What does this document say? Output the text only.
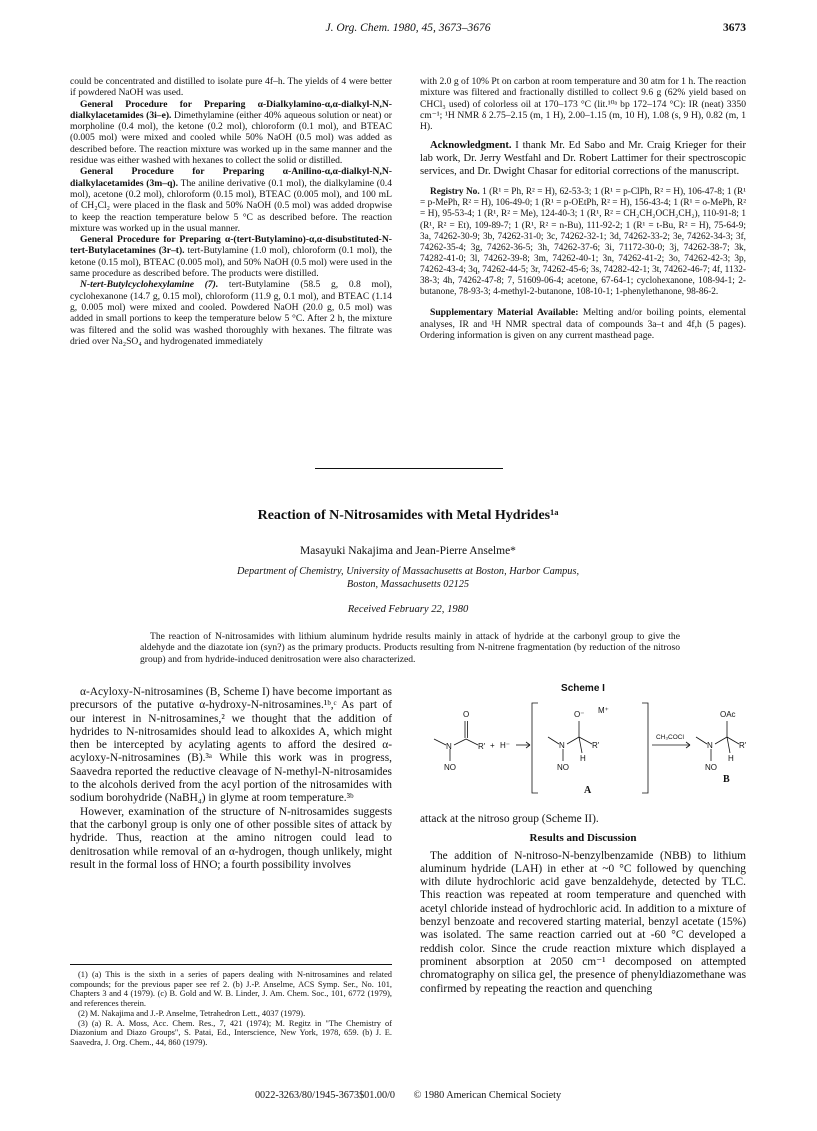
J. Org. Chem. 1980, 45, 3673–3676	3673

could be concentrated and distilled to isolate pure 4f–h. The yields of 4 were better if powdered NaOH was used.

General Procedure for Preparing α-Dialkylamino-α,α-dialkyl-N,N-dialkylacetamides (3i–e). Dimethylamine (either 40% aqueous solution or neat) or morpholine (0.4 mol), the ketone (0.2 mol), chloroform (0.1 mol), and BTEAC (0.005 mol) were mixed and cooled while 50% NaOH (0.5 mol) was added as described before. The reaction mixture was worked up in the same manner and the residue was either washed with hexanes to collect the solid or distilled.

General Procedure for Preparing α-Anilino-α,α-dialkyl-N,N-dialkylacetamides (3m–q). The aniline derivative (0.1 mol), the dialkylamine (0.4 mol), acetone (0.2 mol), chloroform (0.15 mol), BTEAC (0.005 mol), and 100 mL of CH₂Cl₂ were placed in the flask and 50% NaOH (0.5 mol) was added dropwise to keep the reaction temperature below 5 °C as described before. The reaction mixture was worked up in the usual manner.

General Procedure for Preparing α-(tert-Butylamino)-α,α-disubstituted-N-tert-Butylacetamines (3r–t). tert-Butylamine (1.0 mol), chloroform (0.1 mol), the ketone (0.15 mol), BTEAC (0.005 mol), and 50% NaOH (0.5 mol) were used in the same procedure as described before. The products were distilled.

N-tert-Butylcyclohexylamine (7). tert-Butylamine (58.5 g, 0.8 mol), cyclohexanone (14.7 g, 0.15 mol), chloroform (11.9 g, 0.1 mol), and BTEAC (1.14 g, 0.005 mol) were mixed and cooled. Powdered NaOH (20.0 g, 0.5 mol) was added in small portions to keep the temperature below 5 °C. After 2 h, the mixture was filtered and the solid was washed thoroughly with hexanes. The filtrate was dried over Na₂SO₄ and hydrogenated immediately

with 2.0 g of 10% Pt on carbon at room temperature and 30 atm for 1 h. The reaction mixture was filtered and fractionally distilled to collect 9.6 g (62% yield based on CHCl₃ used) of colorless oil at 170–173 °C (lit.¹⁰ᵃ bp 172–174 °C): IR (neat) 3350 cm⁻¹; ¹H NMR δ 2.75–2.15 (m, 1 H), 2.00–1.15 (m, 10 H), 1.08 (s, 9 H), 0.82 (m, 1 H).

Acknowledgment. I thank Mr. Ed Sabo and Mr. Craig Krieger for their lab work, Dr. Jerry Westfahl and Dr. Robert Lattimer for their spectroscopic services, and Dr. Dwight Chasar for editorial corrections of the manuscript.

Registry No. 1 (R¹ = Ph, R² = H), 62-53-3; 1 (R¹ = p-ClPh, R² = H), 106-47-8; 1 (R¹ = p-MePh, R² = H), 106-49-0; 1 (R¹ = p-OEtPh, R² = H), 156-43-4; 1 (R¹ = o-MePh, R² = H), 95-53-4; 1 (R¹, R² = Me), 124-40-3; 1 (R¹, R² = CH₂CH₂OCH₂CH₂), 110-91-8; 1 (R¹, R² = Et), 109-89-7; 1 (R¹, R² = n-Bu), 111-92-2; 1 (R¹ = t-Bu, R² = H), 75-64-9; 3a, 74262-30-9; 3b, 74262-31-0; 3c, 74262-32-1; 3d, 74262-33-2; 3e, 74262-34-3; 3f, 74262-35-4; 3g, 74262-36-5; 3h, 74262-37-6; 3i, 71172-30-0; 3j, 74262-38-7; 3k, 74282-41-0; 3l, 74262-39-8; 3m, 74262-40-1; 3n, 74262-41-2; 3o, 74262-42-3; 3p, 74262-43-4; 3q, 74262-44-5; 3r, 74262-45-6; 3s, 74282-42-1; 3t, 74262-46-7; 4f, 1132-38-3; 4h, 74262-47-8; 7, 51609-06-4; acetone, 67-64-1; cyclohexanone, 108-94-1; 2-butanone, 78-93-3; 4-methyl-2-butanone, 108-10-1; 1-phenylethanone, 98-86-2.

Supplementary Material Available: Melting and/or boiling points, elemental analyses, IR and ¹H NMR spectral data of compounds 3a–t and 4f,h (5 pages). Ordering information is given on any current masthead page.

Reaction of N-Nitrosamides with Metal Hydrides¹ᵃ
Masayuki Nakajima and Jean-Pierre Anselme*
Department of Chemistry, University of Massachusetts at Boston, Harbor Campus,
Boston, Massachusetts 02125
Received February 22, 1980
The reaction of N-nitrosamides with lithium aluminum hydride results mainly in attack of hydride at the carbonyl group to give the aldehyde and the diazotate ion (syn?) as the primary products. Products resulting from N-nitrene fragmentation (by reduction of the nitroso group) and from hydride-induced denitrosation were also characterized.

α-Acyloxy-N-nitrosamines (B, Scheme I) have become important as precursors of the putative α-hydroxy-N-nitrosamines.¹ᵇ,ᶜ As part of our interest in N-nitrosamines,² we thought that the addition of hydrides to N-nitrosamides should lead to alkoxides A, which might then be intercepted by acylating agents to afford the desired α-acyloxy-N-nitrosamines (B).³ᵃ While this work was in progress, Saavedra reported the reductive cleavage of N-methyl-N-nitrosamides to the alcohols derived from the acyl portion of the nitrosamides with sodium borohydride (NaBH₄) in glyme at room temperature.³ᵇ

However, examination of the structure of N-nitrosamides suggests that the carbonyl group is only one of other possible sites of attack by hydride. Thus, reaction at the amino nitrogen could lead to denitrosation while removal of an α-hydrogen, though unlikely, might result in the formal loss of HNO; a fourth possibility involves

(1) (a) This is the sixth in a series of papers dealing with N-nitrosamines and related compounds; for the previous paper see ref 2. (b) J.-P. Anselme, ACS Symp. Ser., No. 101, Chapters 3 and 4 (1979). (c) B. Gold and W. B. Linder, J. Am. Chem. Soc., 101, 6772 (1979), and references therein.

(2) M. Nakajima and J.-P. Anselme, Tetrahedron Lett., 4037 (1979).

(3) (a) R. A. Moss, Acc. Chem. Res., 7, 421 (1974); M. Regitz in "The Chemistry of Diazonium and Diazo Groups", S. Patai, Ed., Interscience, New York, 1978, 659. (b) J. E. Saavedra, J. Org. Chem., 44, 860 (1979).

Scheme I
O
N	R'
NO
+ H⁻
O⁻ M⁺
N	R'
H
NO
A
CH₃COCl
OAc
N	R'
H
NO
B

attack at the nitroso group (Scheme II).

Results and Discussion

The addition of N-nitroso-N-benzylbenzamide (NBB) to lithium aluminum hydride (LAH) in ether at ~0 °C followed by quenching with dilute hydrochloric acid gave benzaldehyde, detected by TLC. This reaction was repeated at room temperature and quenched with acetyl chloride instead of hydrochloric acid. In addition to a mixture of benzyl benzoate and recovered starting material, benzyl acetate (15%) was isolated. The same reaction carried out at -60 °C developed a reddish color. Since the crude reaction mixture which displayed a prominent absorption at 2050 cm⁻¹ decomposed on attempted chromatography on silica gel, the presence of phenyldiazomethane was confirmed by repeating the reaction and quenching

0022-3263/80/1945-3673$01.00/0 © 1980 American Chemical Society
